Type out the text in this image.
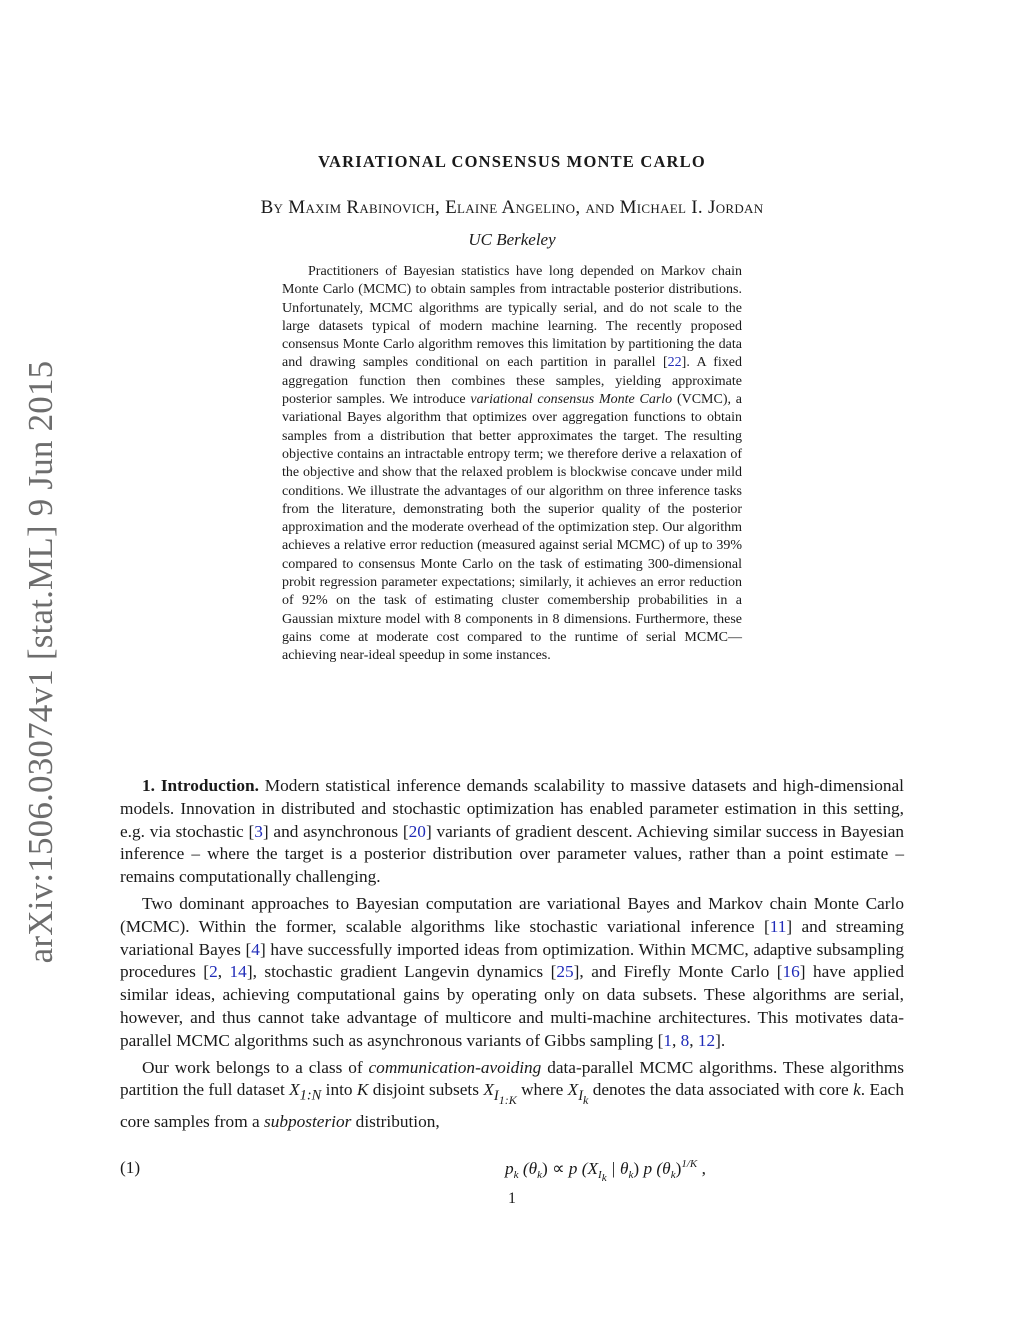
arXiv:1506.03074v1 [stat.ML] 9 Jun 2015
VARIATIONAL CONSENSUS MONTE CARLO
By Maxim Rabinovich, Elaine Angelino, and Michael I. Jordan
UC Berkeley

Practitioners of Bayesian statistics have long depended on Markov chain Monte Carlo (MCMC) to obtain samples from intractable posterior distributions. Unfortunately, MCMC algorithms are typically serial, and do not scale to the large datasets typical of modern machine learning. The recently proposed consensus Monte Carlo algorithm removes this limitation by partitioning the data and drawing samples conditional on each partition in parallel [22]. A fixed aggregation function then combines these samples, yielding approximate posterior samples. We introduce variational consensus Monte Carlo (VCMC), a variational Bayes algorithm that optimizes over aggregation functions to obtain samples from a distribution that better approximates the target. The resulting objective contains an intractable entropy term; we therefore derive a relaxation of the objective and show that the relaxed problem is blockwise concave under mild conditions. We illustrate the advantages of our algorithm on three inference tasks from the literature, demonstrating both the superior quality of the posterior approximation and the moderate overhead of the optimization step. Our algorithm achieves a relative error reduction (measured against serial MCMC) of up to 39% compared to consensus Monte Carlo on the task of estimating 300-dimensional probit regression parameter expectations; similarly, it achieves an error reduction of 92% on the task of estimating cluster comembership probabilities in a Gaussian mixture model with 8 components in 8 dimensions. Furthermore, these gains come at moderate cost compared to the runtime of serial MCMC—achieving near-ideal speedup in some instances.

1. Introduction. Modern statistical inference demands scalability to massive datasets and high-dimensional models. Innovation in distributed and stochastic optimization has enabled parameter estimation in this setting, e.g. via stochastic [3] and asynchronous [20] variants of gradient descent. Achieving similar success in Bayesian inference – where the target is a posterior distribution over parameter values, rather than a point estimate – remains computationally challenging.

Two dominant approaches to Bayesian computation are variational Bayes and Markov chain Monte Carlo (MCMC). Within the former, scalable algorithms like stochastic variational inference [11] and streaming variational Bayes [4] have successfully imported ideas from optimization. Within MCMC, adaptive subsampling procedures [2, 14], stochastic gradient Langevin dynamics [25], and Firefly Monte Carlo [16] have applied similar ideas, achieving computational gains by operating only on data subsets. These algorithms are serial, however, and thus cannot take advantage of multicore and multi-machine architectures. This motivates data-parallel MCMC algorithms such as asynchronous variants of Gibbs sampling [1, 8, 12].

Our work belongs to a class of communication-avoiding data-parallel MCMC algorithms. These algorithms partition the full dataset $X_{1:N}$ into K disjoint subsets $X_{I_{1:K}}$ where $X_{I_k}$ denotes the data associated with core k. Each core samples from a subposterior distribution,

(1)	$p_k$ $(\theta_k) \propto p$ ($X_{I_k}$ | $\theta_k$) p $(\theta_k)^{1/K}$ ,
1
